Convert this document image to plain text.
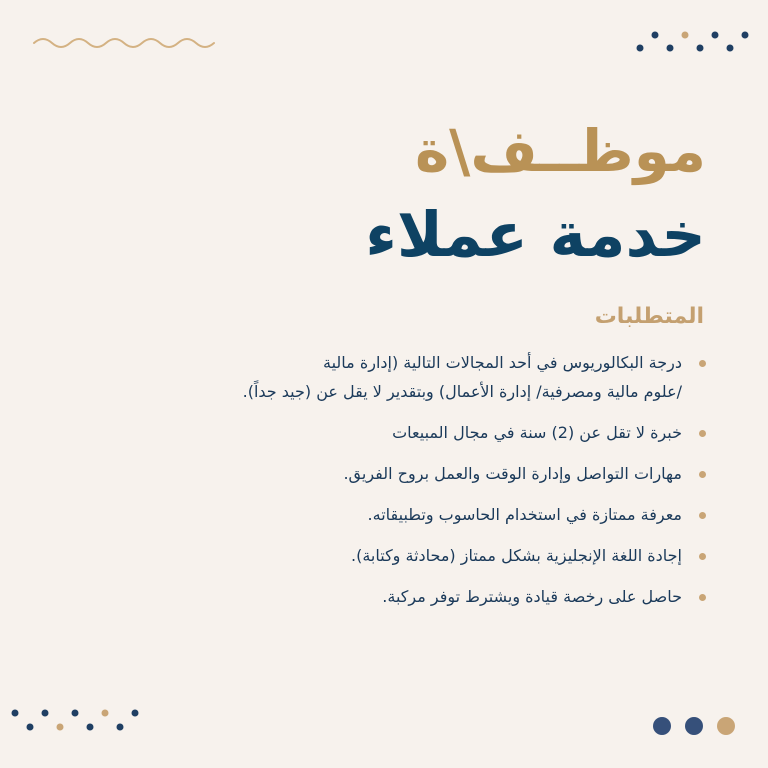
موظــف\ة
خدمة عملاء
المتطلبات
درجة البكالوريوس في أحد المجالات التالية (إدارة مالية
/علوم مالية ومصرفية/ إدارة الأعمال) وبتقدير لا يقل عن (جيد جداً).
خبرة لا تقل عن (2) سنة في مجال المبيعات
مهارات التواصل وإدارة الوقت والعمل بروح الفريق.
معرفة ممتازة في استخدام الحاسوب وتطبيقاته.
إجادة اللغة الإنجليزية بشكل ممتاز (محادثة وكتابة).
حاصل على رخصة قيادة ويشترط توفر مركبة.
